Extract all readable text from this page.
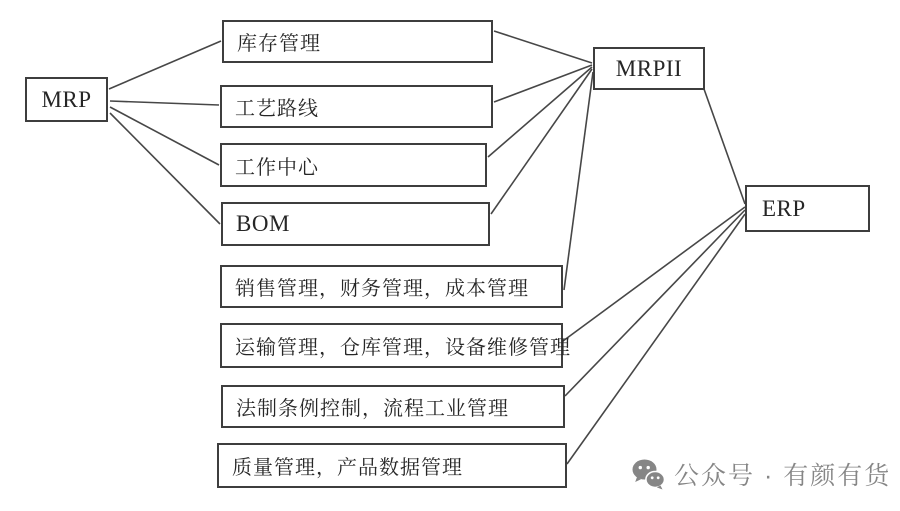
MRP
库存管理
工艺路线
工作中心
BOM
MRPII
ERP
销售管理，财务管理，成本管理
运输管理，仓库管理，设备维修管理
法制条例控制，流程工业管理
质量管理，产品数据管理	公众号 · 有颜有货
